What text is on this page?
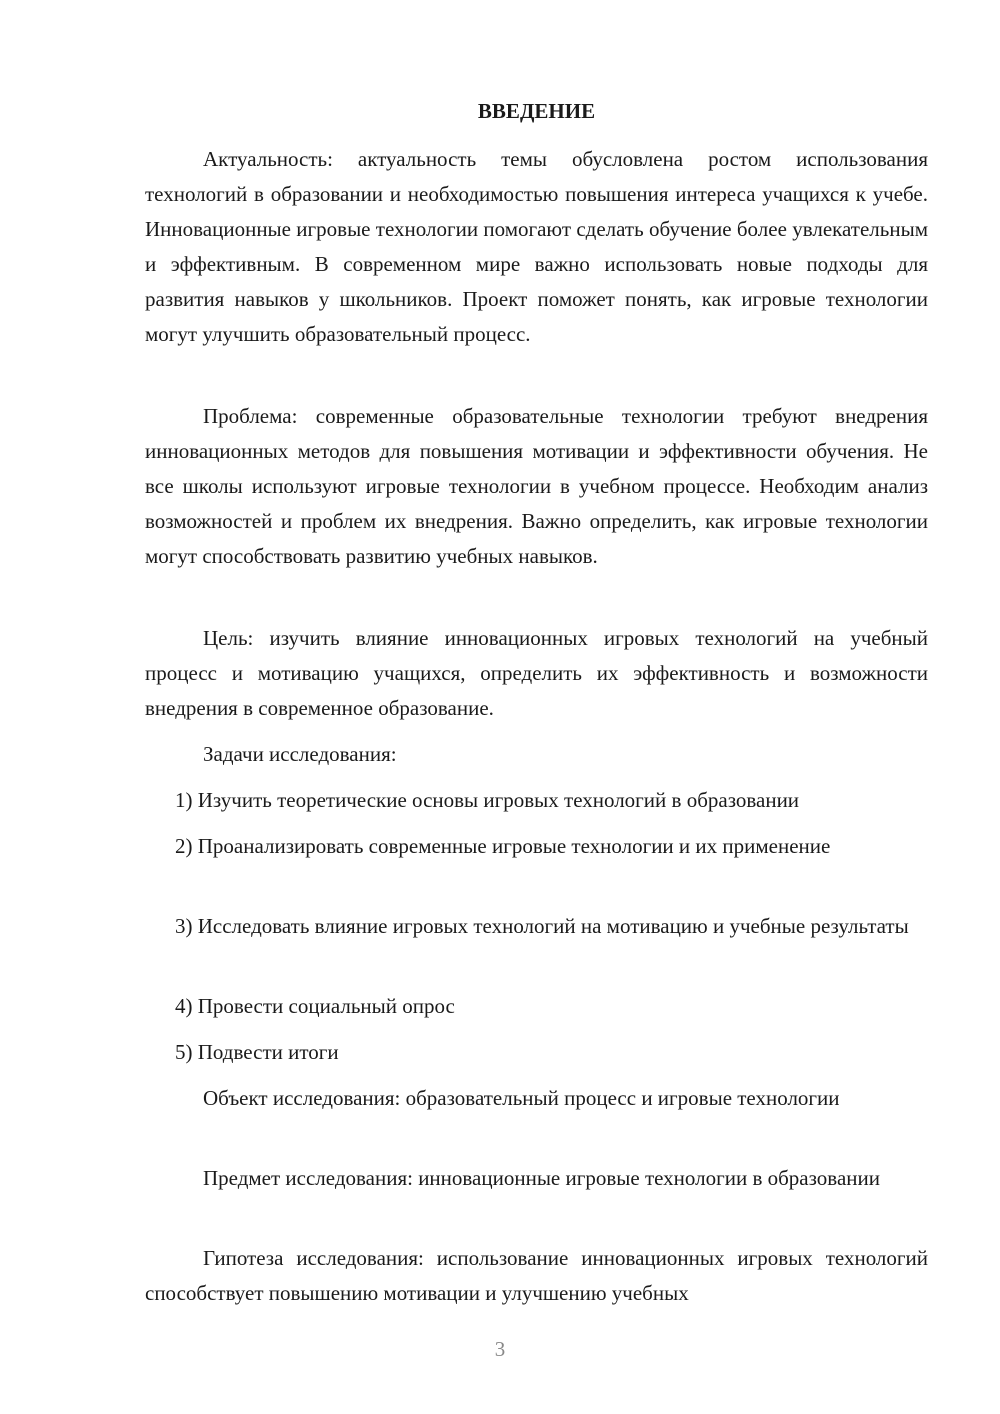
ВВЕДЕНИЕ

Актуальность: актуальность темы обусловлена ростом использования технологий в образовании и необходимостью повышения интереса учащихся к учебе. Инновационные игровые технологии помогают сделать обучение более увлекательным и эффективным. В современном мире важно использовать новые подходы для развития навыков у школьников. Проект поможет понять, как игровые технологии могут улучшить образовательный процесс.

Проблема: современные образовательные технологии требуют внедрения инновационных методов для повышения мотивации и эффективности обучения. Не все школы используют игровые технологии в учебном процессе. Необходим анализ возможностей и проблем их внедрения. Важно определить, как игровые технологии могут способствовать развитию учебных навыков.

Цель: изучить влияние инновационных игровых технологий на учебный процесс и мотивацию учащихся, определить их эффективность и возможности внедрения в современное образование.

Задачи исследования:

1) Изучить теоретические основы игровых технологий в образовании

2) Проанализировать современные игровые технологии и их применение

3) Исследовать влияние игровых технологий на мотивацию и учебные результаты

4) Провести социальный опрос

5) Подвести итоги

Объект исследования: образовательный процесс и игровые технологии

Предмет исследования: инновационные игровые технологии в образовании

Гипотеза исследования: использование инновационных игровых технологий способствует повышению мотивации и улучшению учебных

3
